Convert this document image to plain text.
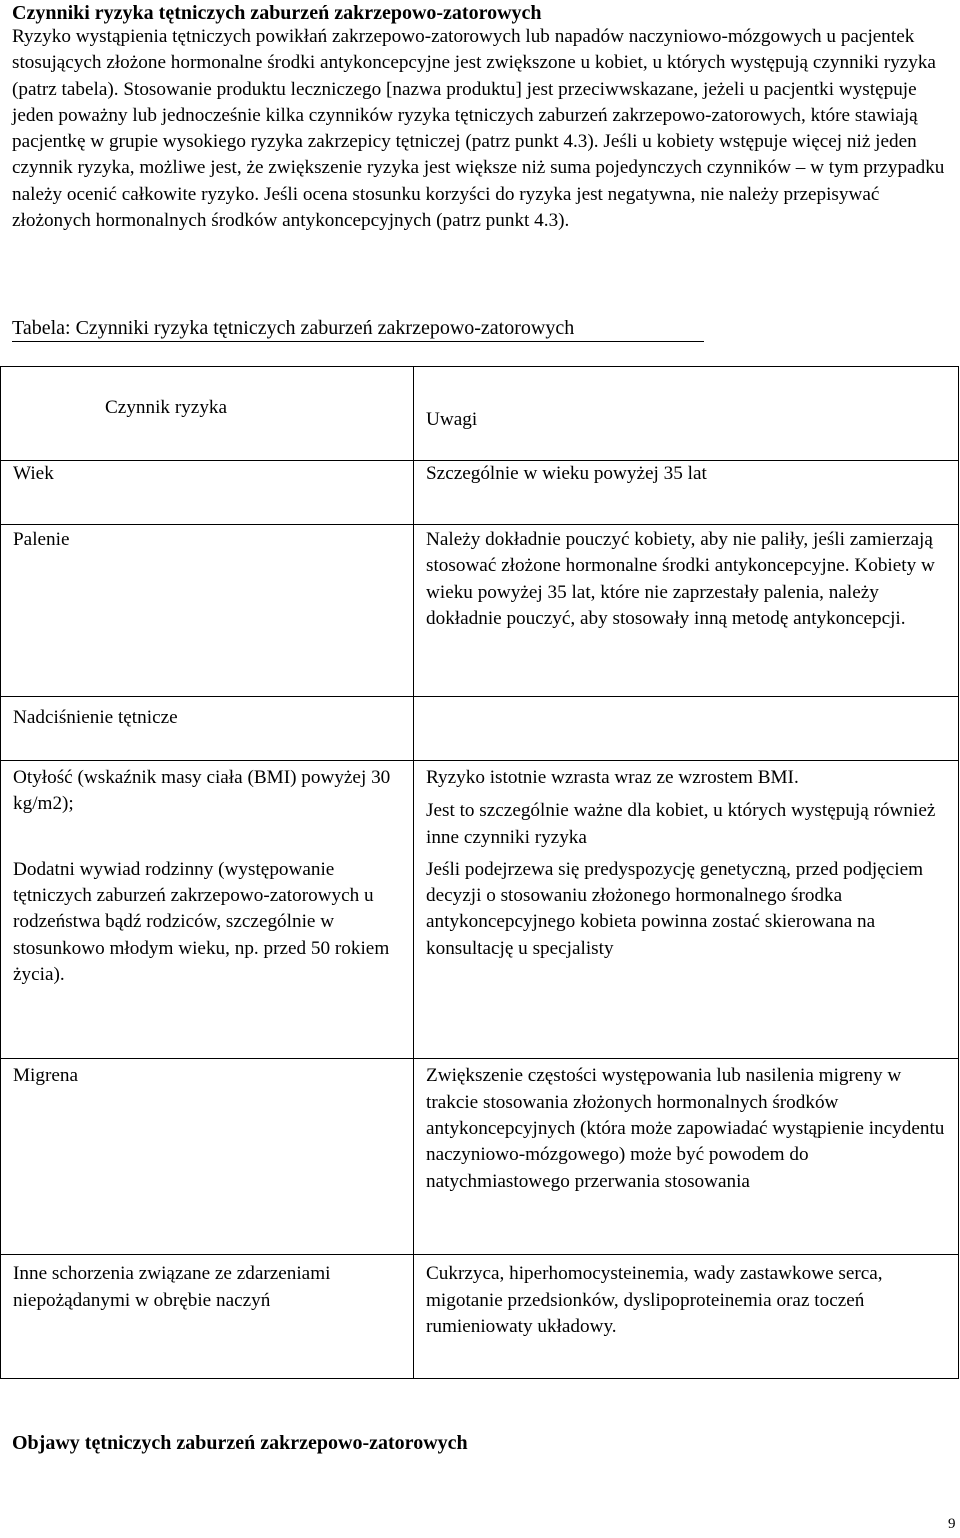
Czynniki ryzyka tętniczych zaburzeń zakrzepowo-zatorowych

Ryzyko wystąpienia tętniczych powikłań zakrzepowo-zatorowych lub napadów naczyniowo-mózgowych u pacjentek stosujących złożone hormonalne środki antykoncepcyjne jest zwiększone u kobiet, u których występują czynniki ryzyka (patrz tabela). Stosowanie produktu leczniczego [nazwa produktu] jest przeciwwskazane, jeżeli u pacjentki występuje jeden poważny lub jednocześnie kilka czynników ryzyka tętniczych zaburzeń zakrzepowo-zatorowych, które stawiają pacjentkę w grupie wysokiego ryzyka zakrzepicy tętniczej (patrz punkt 4.3). Jeśli u kobiety wstępuje więcej niż jeden czynnik ryzyka, możliwe jest, że zwiększenie ryzyka jest większe niż suma pojedynczych czynników – w tym przypadku należy ocenić całkowite ryzyko. Jeśli ocena stosunku korzyści do ryzyka jest negatywna, nie należy przepisywać złożonych hormonalnych środków antykoncepcyjnych (patrz punkt 4.3).

Tabela: Czynniki ryzyka tętniczych zaburzeń zakrzepowo-zatorowych

Czynnik ryzyka	Uwagi

Wiek	Szczególnie w wieku powyżej 35 lat

Palenie	Należy dokładnie pouczyć kobiety, aby nie paliły, jeśli zamierzają stosować złożone hormonalne środki antykoncepcyjne. Kobiety w wieku powyżej 35 lat, które nie zaprzestały palenia, należy dokładnie pouczyć, aby stosowały inną metodę antykoncepcji.

Nadciśnienie tętnicze	

Otyłość (wskaźnik masy ciała (BMI) powyżej 30 kg/m2);	Ryzyko istotnie wzrasta wraz ze wzrostem BMI.
Jest to szczególnie ważne dla kobiet, u których występują również inne czynniki ryzyka

Dodatni wywiad rodzinny (występowanie tętniczych zaburzeń zakrzepowo-zatorowych u rodzeństwa bądź rodziców, szczególnie w stosunkowo młodym wieku, np. przed 50 rokiem życia).	Jeśli podejrzewa się predyspozycję genetyczną, przed podjęciem decyzji o stosowaniu złożonego hormonalnego środka antykoncepcyjnego kobieta powinna zostać skierowana na konsultację u specjalisty

Migrena	Zwiększenie częstości występowania lub nasilenia migreny w trakcie stosowania złożonych hormonalnych środków antykoncepcyjnych (która może zapowiadać wystąpienie incydentu naczyniowo-mózgowego) może być powodem do natychmiastowego przerwania stosowania

Inne schorzenia związane ze zdarzeniami niepożądanymi w obrębie naczyń	Cukrzyca, hiperhomocysteinemia, wady zastawkowe serca, migotanie przedsionków, dyslipoproteinemia oraz toczeń rumieniowaty układowy.

Objawy tętniczych zaburzeń zakrzepowo-zatorowych

9
